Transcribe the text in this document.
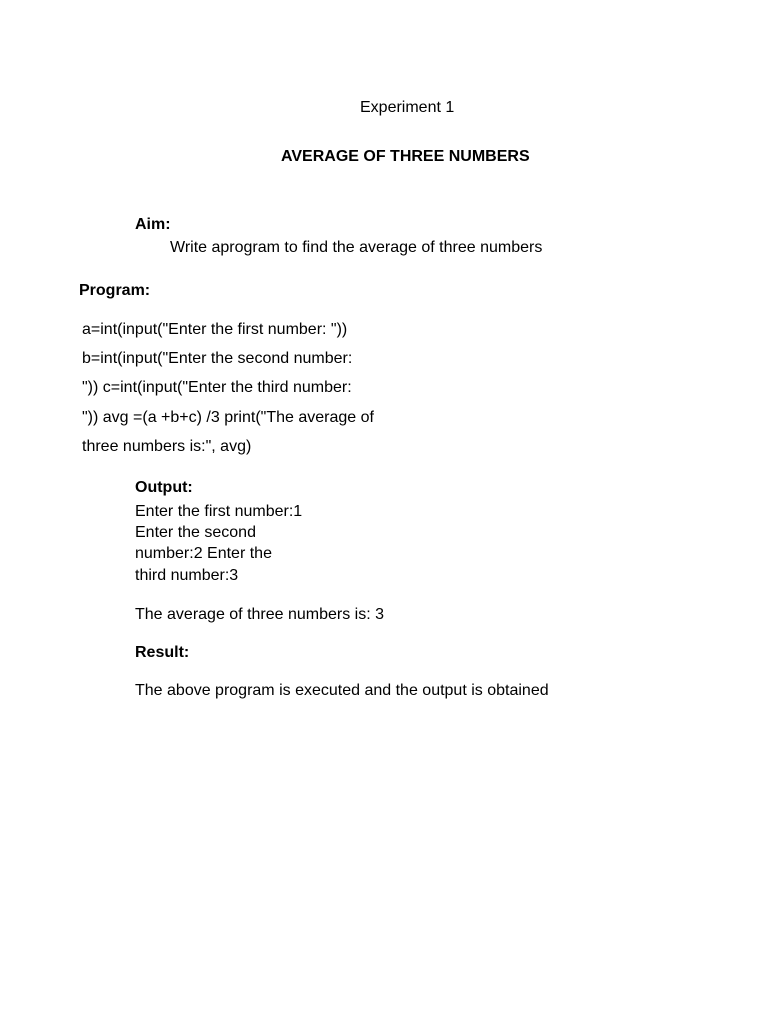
Experiment 1
AVERAGE OF THREE NUMBERS
Aim:
Write aprogram to find the average of three numbers
Program:
a=int(input("Enter the first number: "))
b=int(input("Enter the second number:
")) c=int(input("Enter the third number:
")) avg =(a +b+c) /3 print("The average of
three numbers is:", avg)
Output:
Enter the first number:1
Enter the second
number:2 Enter the
third number:3
The average of three numbers is: 3
Result:
The above program is executed and the output is obtained
